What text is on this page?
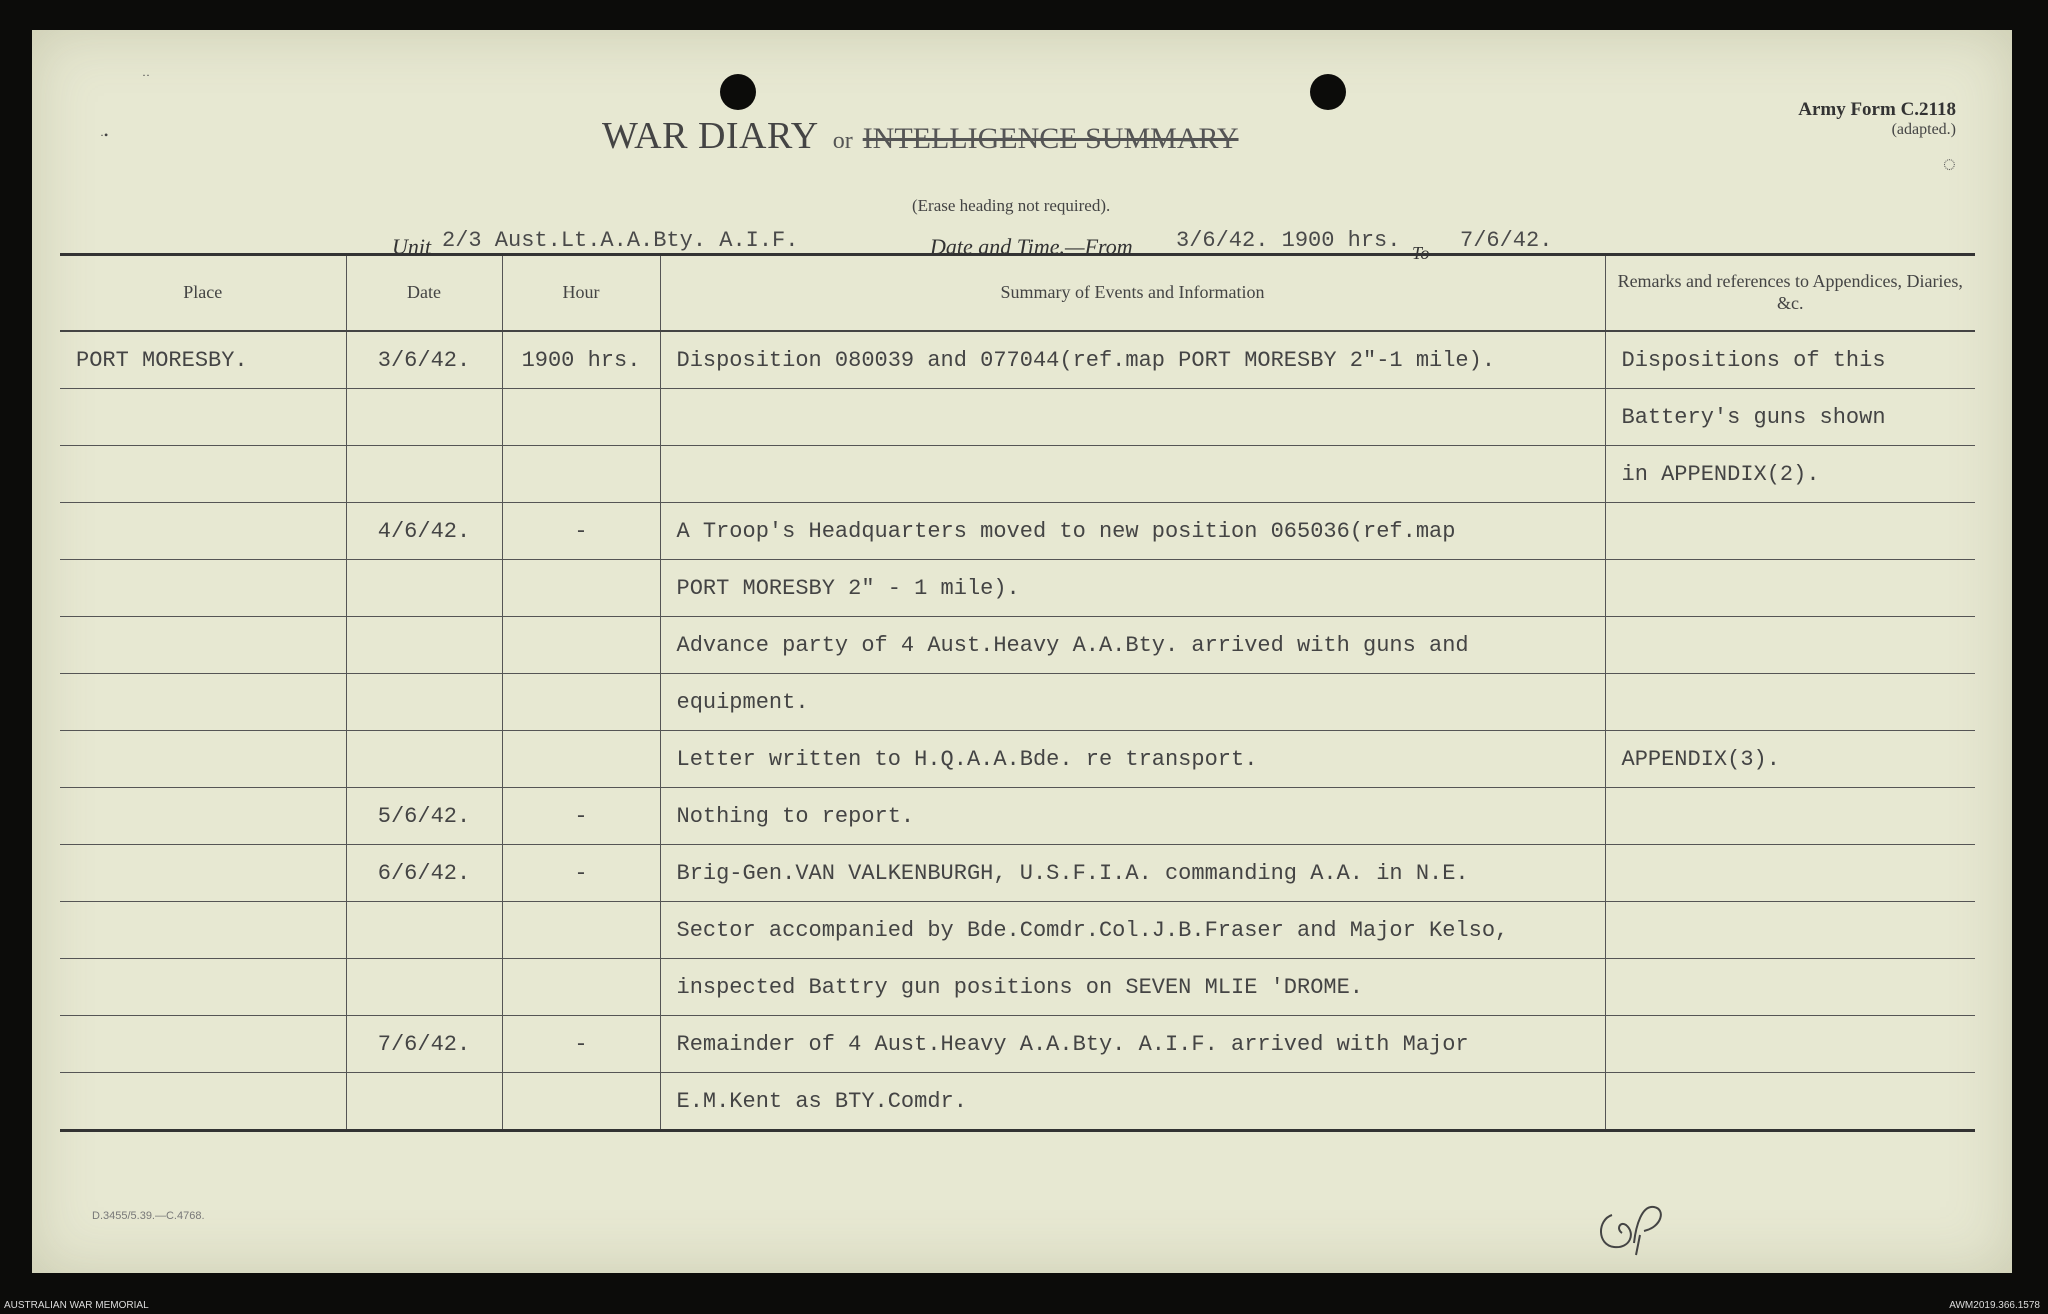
··
·•	WAR DIARY or INTELLIGENCE SUMMARY
(Erase heading not required).
Army Form C.2118
(adapted.)
◌
Unit 2/3 Aust.Lt.A.A.Bty. A.I.F.	Date and Time.—From 3/6/42. 1900 hrs. To 7/6/42.
Place	Date	Hour	Summary of Events and Information	Remarks and references to Appendices, Diaries, &c.
PORT MORESBY.	3/6/42.	1900 hrs.	Disposition 080039 and 077044(ref.map PORT MORESBY 2"-1 mile).	Dispositions of this
				Battery's guns shown
				in APPENDIX(2).
	4/6/42.	-	A Troop's Headquarters moved to new position 065036(ref.map	
			PORT MORESBY 2" - 1 mile).	
			Advance party of 4 Aust.Heavy A.A.Bty. arrived with guns and	
			equipment.	
			Letter written to H.Q.A.A.Bde. re transport.	APPENDIX(3).
	5/6/42.	-	Nothing to report.	
	6/6/42.	-	Brig-Gen.VAN VALKENBURGH, U.S.F.I.A. commanding A.A. in N.E.	
			Sector accompanied by Bde.Comdr.Col.J.B.Fraser and Major Kelso,	
			inspected Battry gun positions on SEVEN MLIE 'DROME.	
	7/6/42.	-	Remainder of 4 Aust.Heavy A.A.Bty. A.I.F. arrived with Major	
			E.M.Kent as BTY.Comdr.	
D.3455/5.39.—C.4768.
AUSTRALIAN WAR MEMORIAL	AWM2019.366.1578
